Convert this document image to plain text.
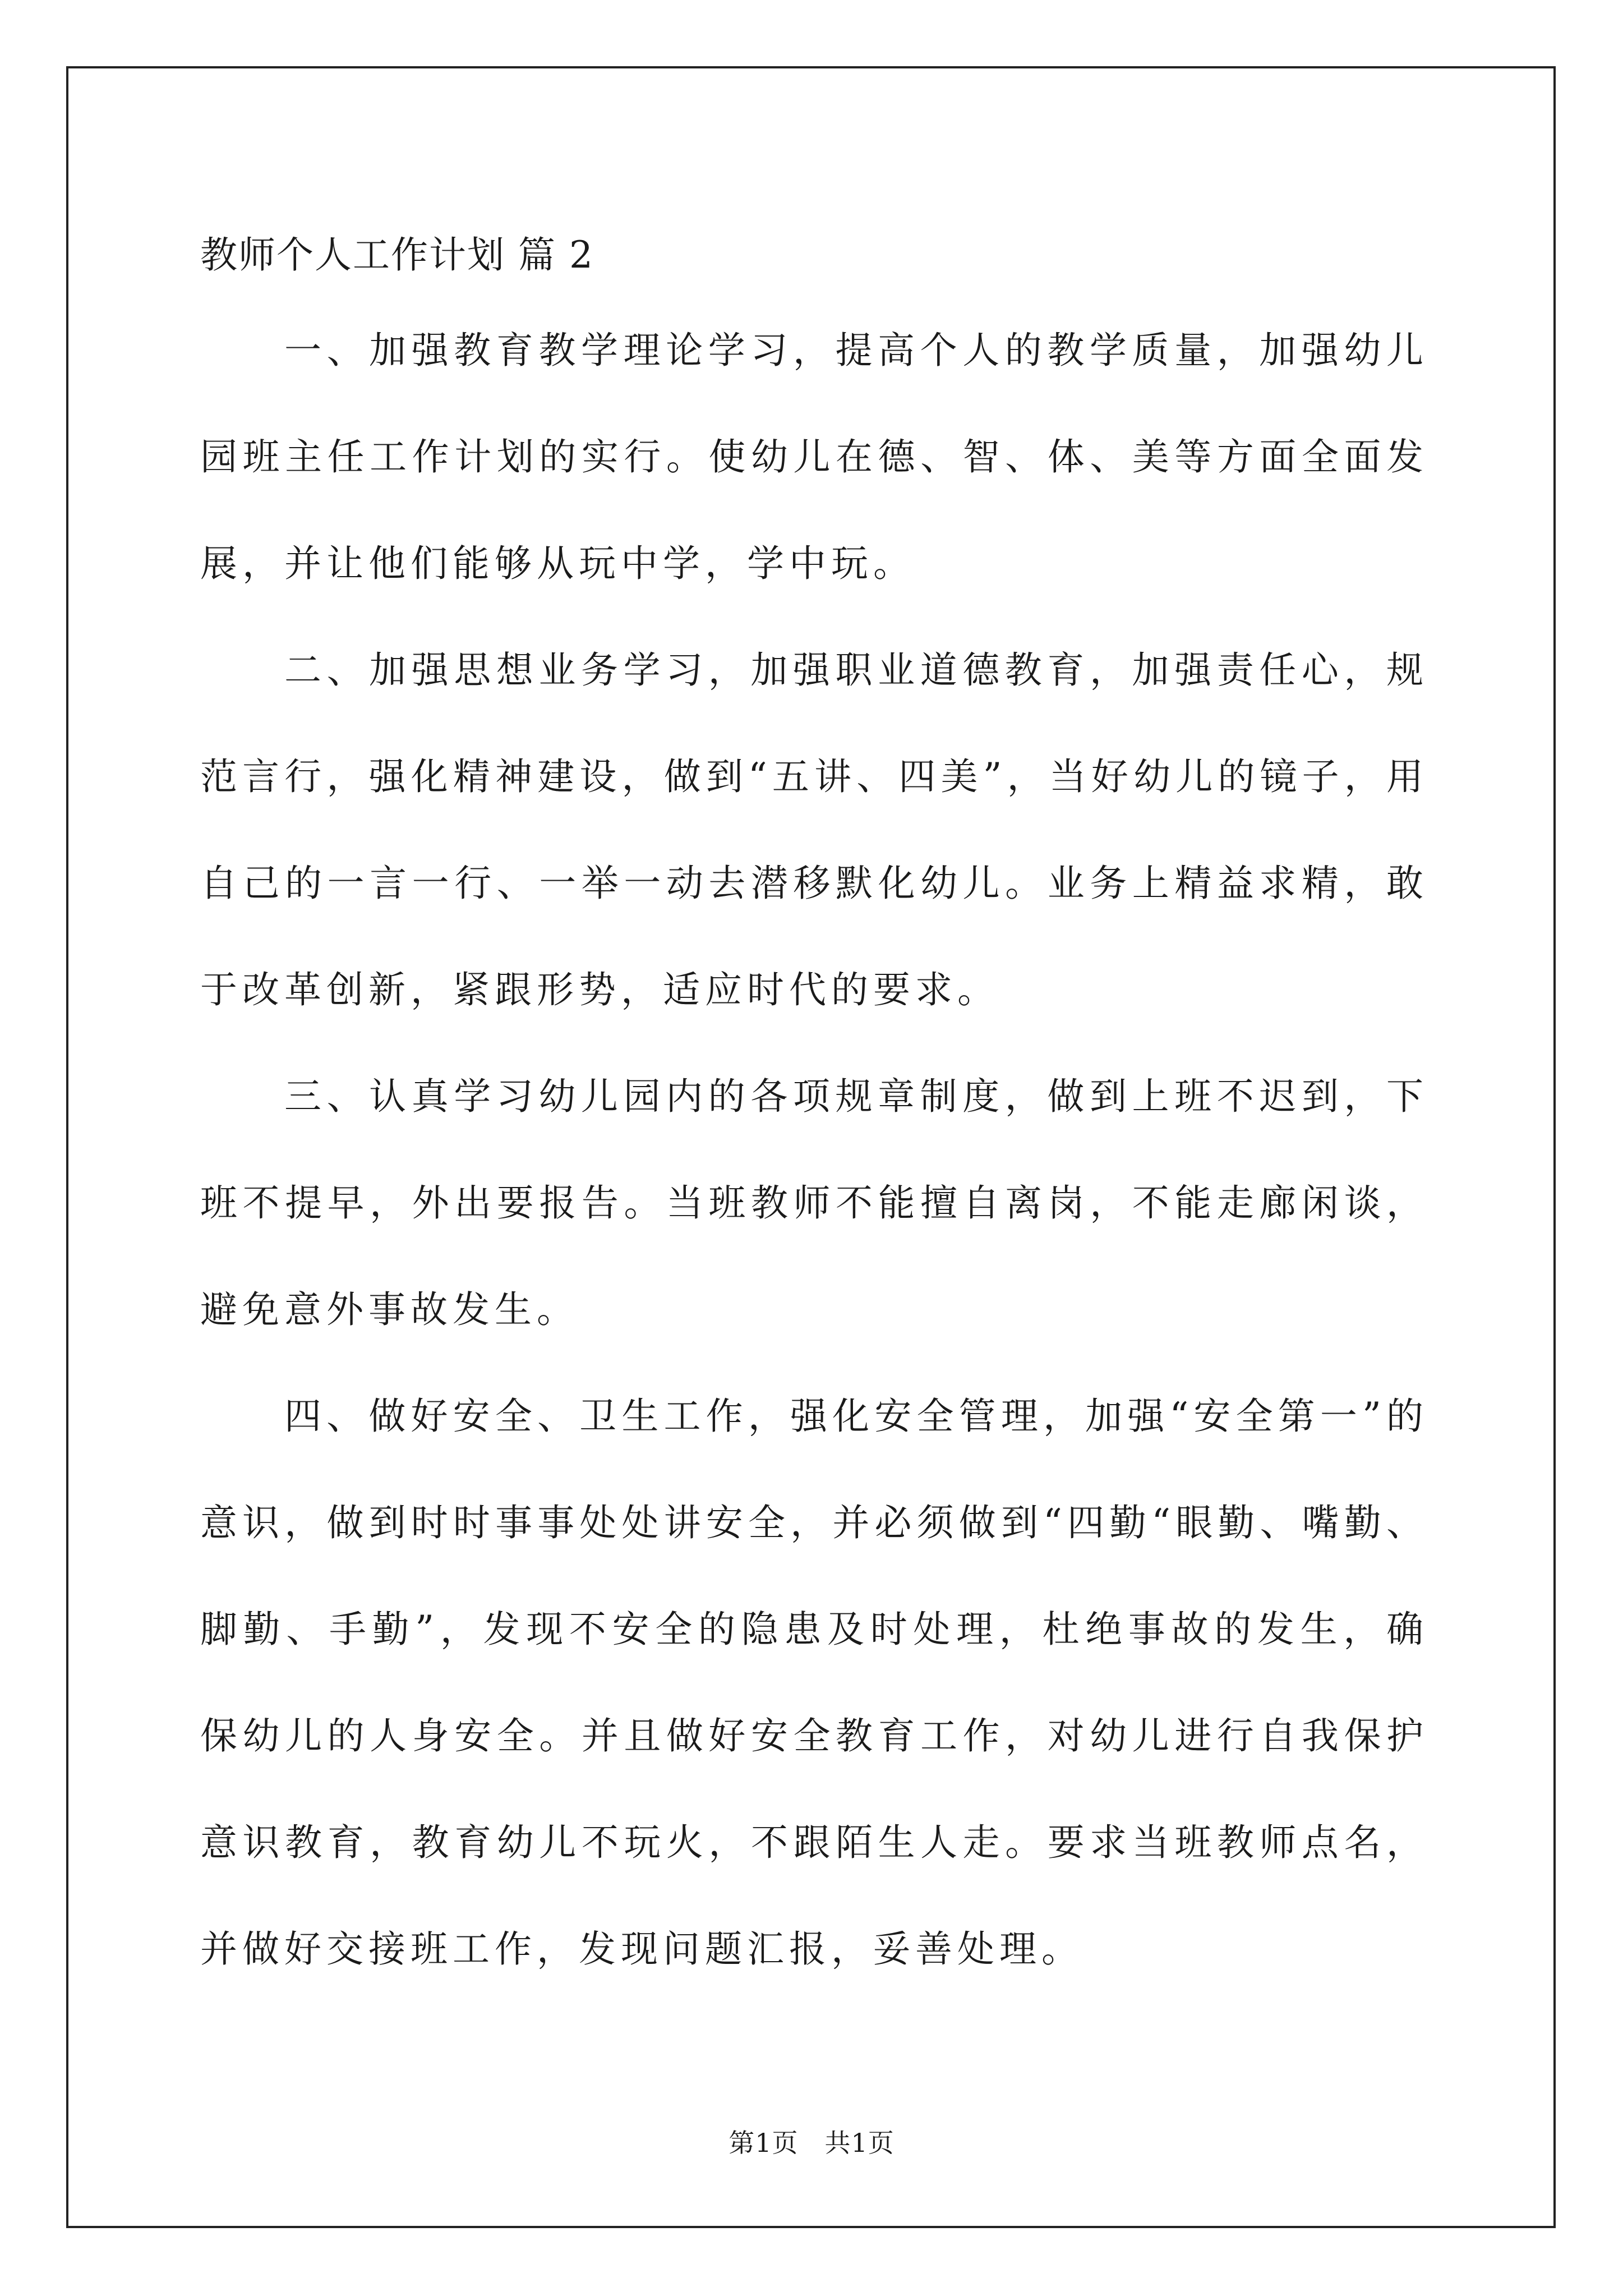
教师个人工作计划 篇 2

一、加强教育教学理论学习，提高个人的教学质量，加强幼儿园班主任工作计划的实行。使幼儿在德、智、体、美等方面全面发展，并让他们能够从玩中学，学中玩。

二、加强思想业务学习，加强职业道德教育，加强责任心，规范言行，强化精神建设，做到“五讲、四美”，当好幼儿的镜子，用自己的一言一行、一举一动去潜移默化幼儿。业务上精益求精，敢于改革创新，紧跟形势，适应时代的要求。

三、认真学习幼儿园内的各项规章制度，做到上班不迟到，下班不提早，外出要报告。当班教师不能擅自离岗，不能走廊闲谈，避免意外事故发生。

四、做好安全、卫生工作，强化安全管理，加强“安全第一”的意识，做到时时事事处处讲安全，并必须做到“四勤“眼勤、嘴勤、脚勤、手勤”，发现不安全的隐患及时处理，杜绝事故的发生，确保幼儿的人身安全。并且做好安全教育工作，对幼儿进行自我保护意识教育，教育幼儿不玩火，不跟陌生人走。要求当班教师点名，并做好交接班工作，发现问题汇报，妥善处理。

第1页　共1页
